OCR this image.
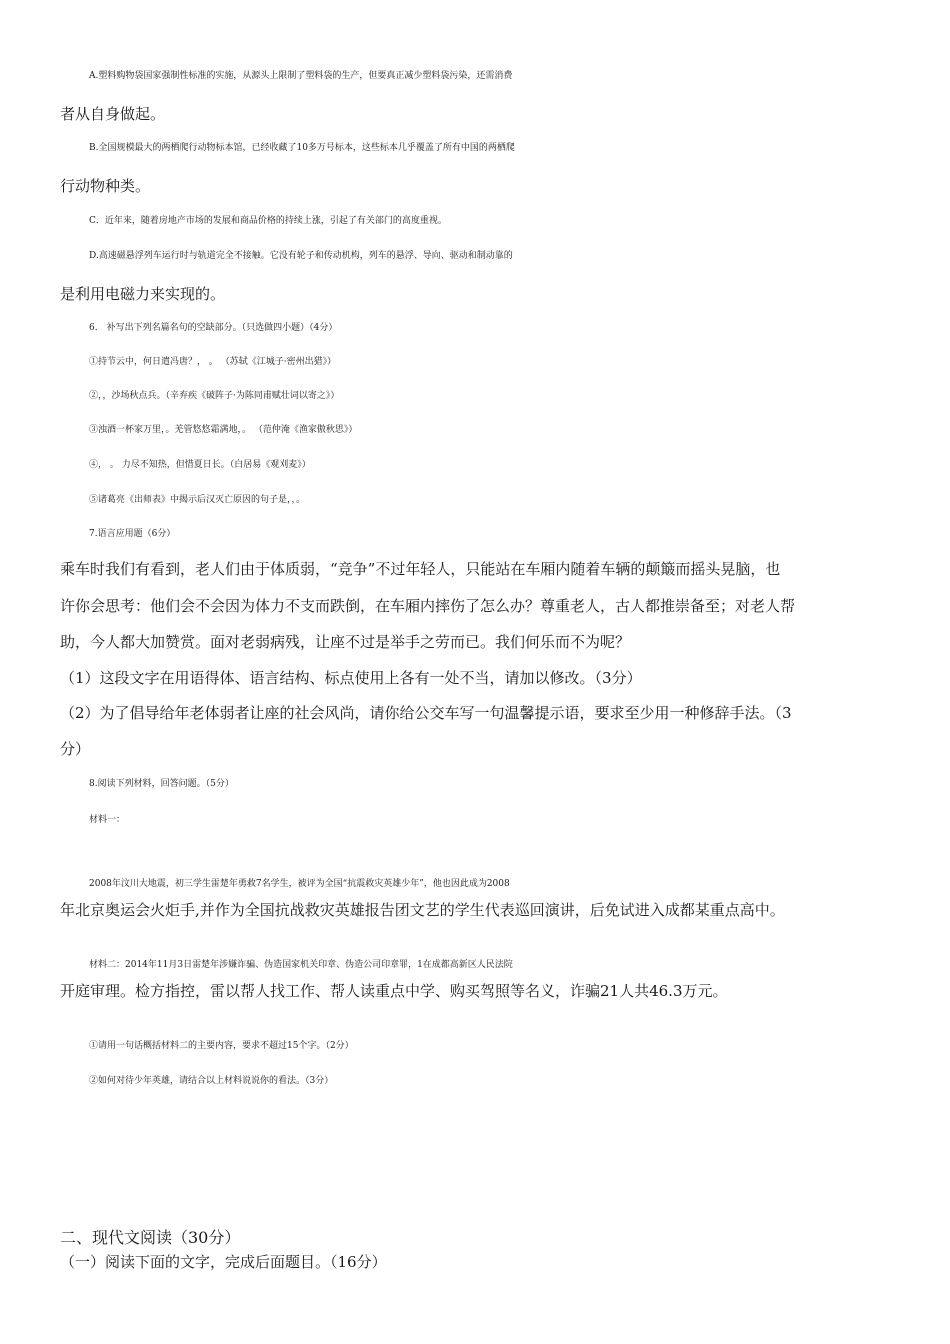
A.塑料购物袋国家强制性标准的实施，从源头上限制了塑料袋的生产，但要真正减少塑料袋污染，还需消费
者从自身做起。
B.全国规模最大的两栖爬行动物标本馆，已经收藏了10多万号标本，这些标本几乎覆盖了所有中国的两栖爬
行动物种类。
C．近年来，随着房地产市场的发展和商品价格的持续上涨，引起了有关部门的高度重视。
D.高速磁悬浮列车运行时与轨道完全不接触。它没有轮子和传动机构，列车的悬浮、导向、驱动和制动靠的
是利用电磁力来实现的。
6． 补写出下列名篇名句的空缺部分。（只选做四小题）（4分）
①持节云中，何日遣冯唐？， 。 （苏轼《江城子·密州出猎》）
②，，沙场秋点兵。（辛弃疾《破阵子·为陈同甫赋壮词以寄之》）
③浊酒一杯家万里，。羌管悠悠霜满地，。 （范仲淹《渔家傲秋思》）
④， 。 力尽不知热，但惜夏日长。（白居易《观刈麦》）
⑤诸葛亮《出师表》中揭示后汉灭亡原因的句子是，，。
7.语言应用题（6分）
乘车时我们有看到，老人们由于体质弱，“竞争”不过年轻人，只能站在车厢内随着车辆的颠簸而摇头晃脑，也
许你会思考：他们会不会因为体力不支而跌倒，在车厢内摔伤了怎么办？尊重老人，古人都推崇备至；对老人帮
助，今人都大加赞赏。面对老弱病残，让座不过是举手之劳而已。我们何乐而不为呢？
（1）这段文字在用语得体、语言结构、标点使用上各有一处不当，请加以修改。（3分）
（2）为了倡导给年老体弱者让座的社会风尚，请你给公交车写一句温馨提示语，要求至少用一种修辞手法。（3
分）
8.阅读下列材料，回答问题。（5分）
材料一：
2008年汶川大地震，初三学生雷楚年勇救7名学生，被评为全国“抗震救灾英雄少年”，他也因此成为2008
年北京奥运会火炬手,并作为全国抗战救灾英雄报告团文艺的学生代表巡回演讲，后免试进入成都某重点高中。
材料二：2014年11月3日雷楚年涉嫌诈骗、伪造国家机关印章、伪造公司印章罪，1在成都高新区人民法院
开庭审理。检方指控，雷以帮人找工作、帮人读重点中学、购买驾照等名义，诈骗21人共46.3万元。
①请用一句话概括材料二的主要内容，要求不超过15个字。（2分）
②如何对待少年英雄，请结合以上材料说说你的看法。（3分）
二、现代文阅读（30分）
（一）阅读下面的文字，完成后面题目。（16分）
